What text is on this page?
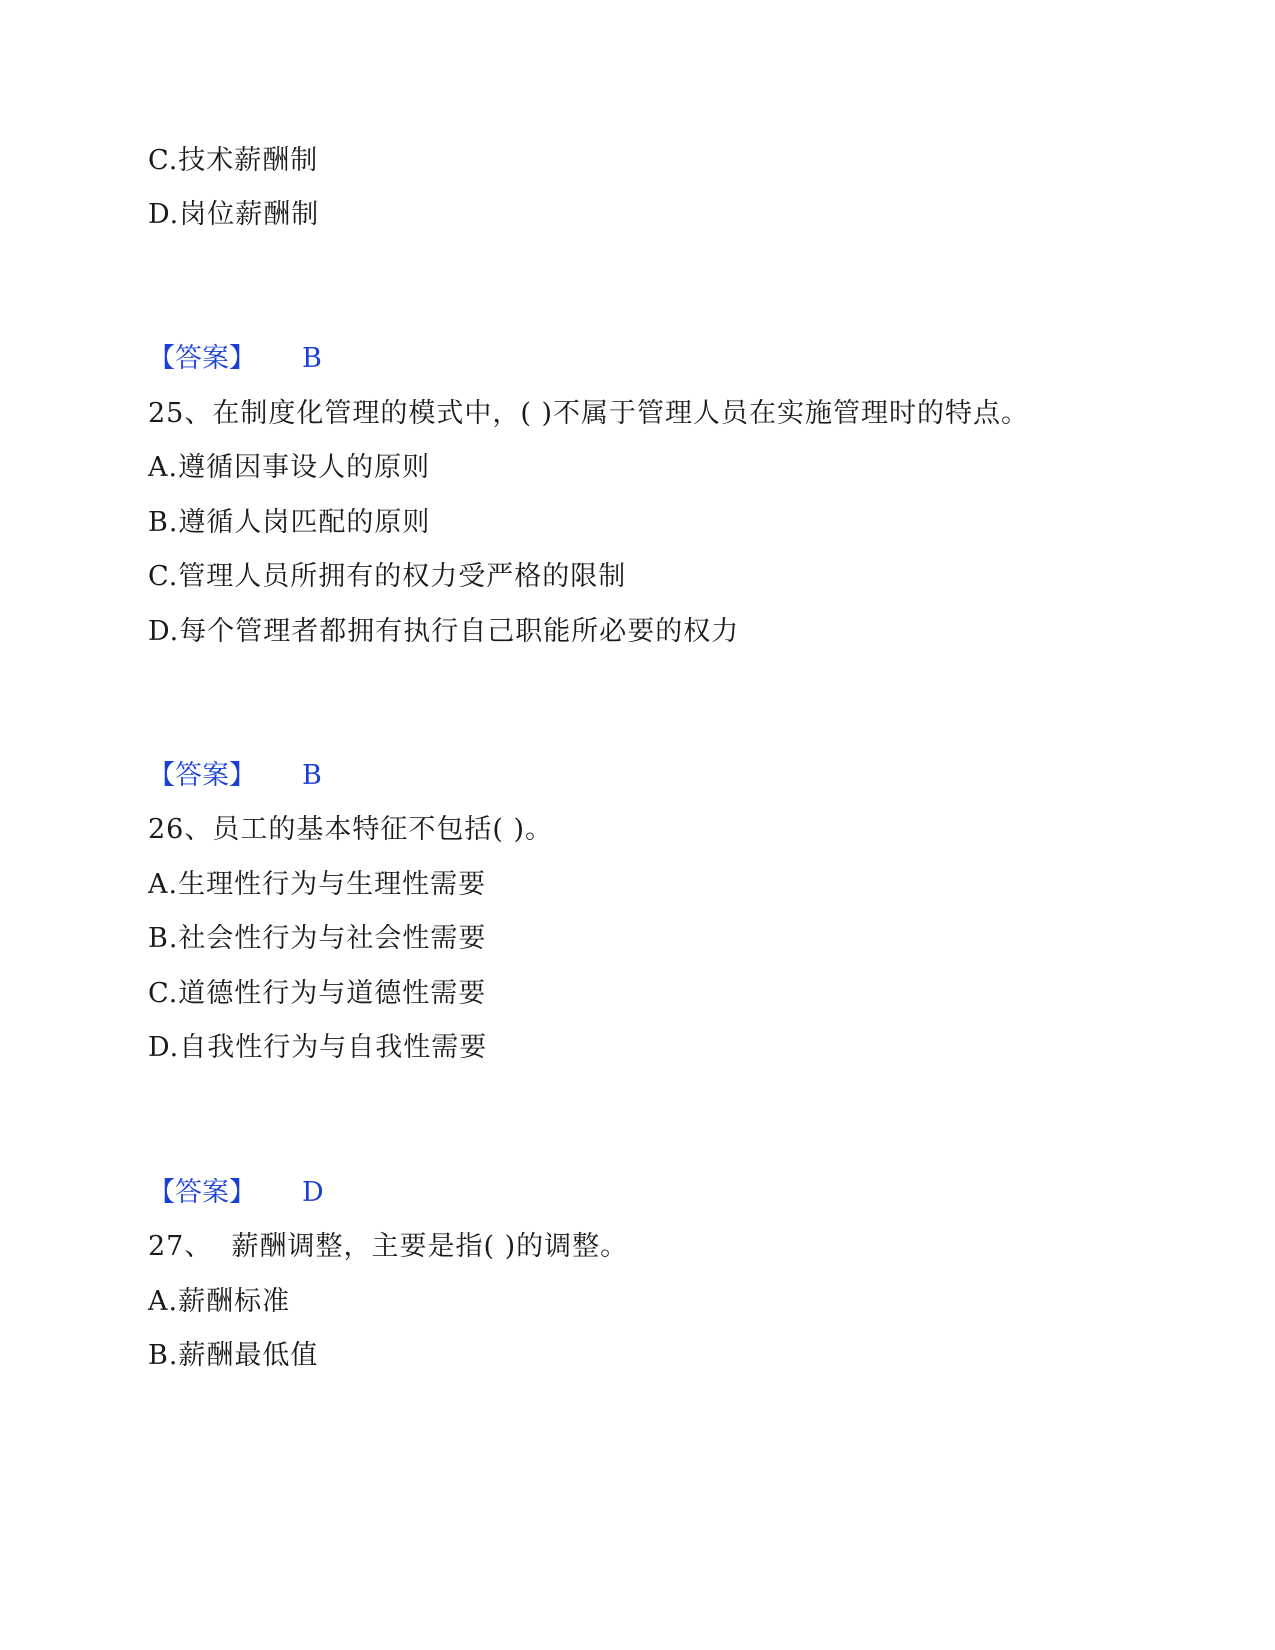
C.技术薪酬制
D.岗位薪酬制
【答案】 B
25、在制度化管理的模式中，( )不属于管理人员在实施管理时的特点。
A.遵循因事设人的原则
B.遵循人岗匹配的原则
C.管理人员所拥有的权力受严格的限制
D.每个管理者都拥有执行自己职能所必要的权力
【答案】 B
26、员工的基本特征不包括( )。
A.生理性行为与生理性需要
B.社会性行为与社会性需要
C.道德性行为与道德性需要
D.自我性行为与自我性需要
【答案】 D
27、  薪酬调整，主要是指( )的调整。
A.薪酬标准
B.薪酬最低值
